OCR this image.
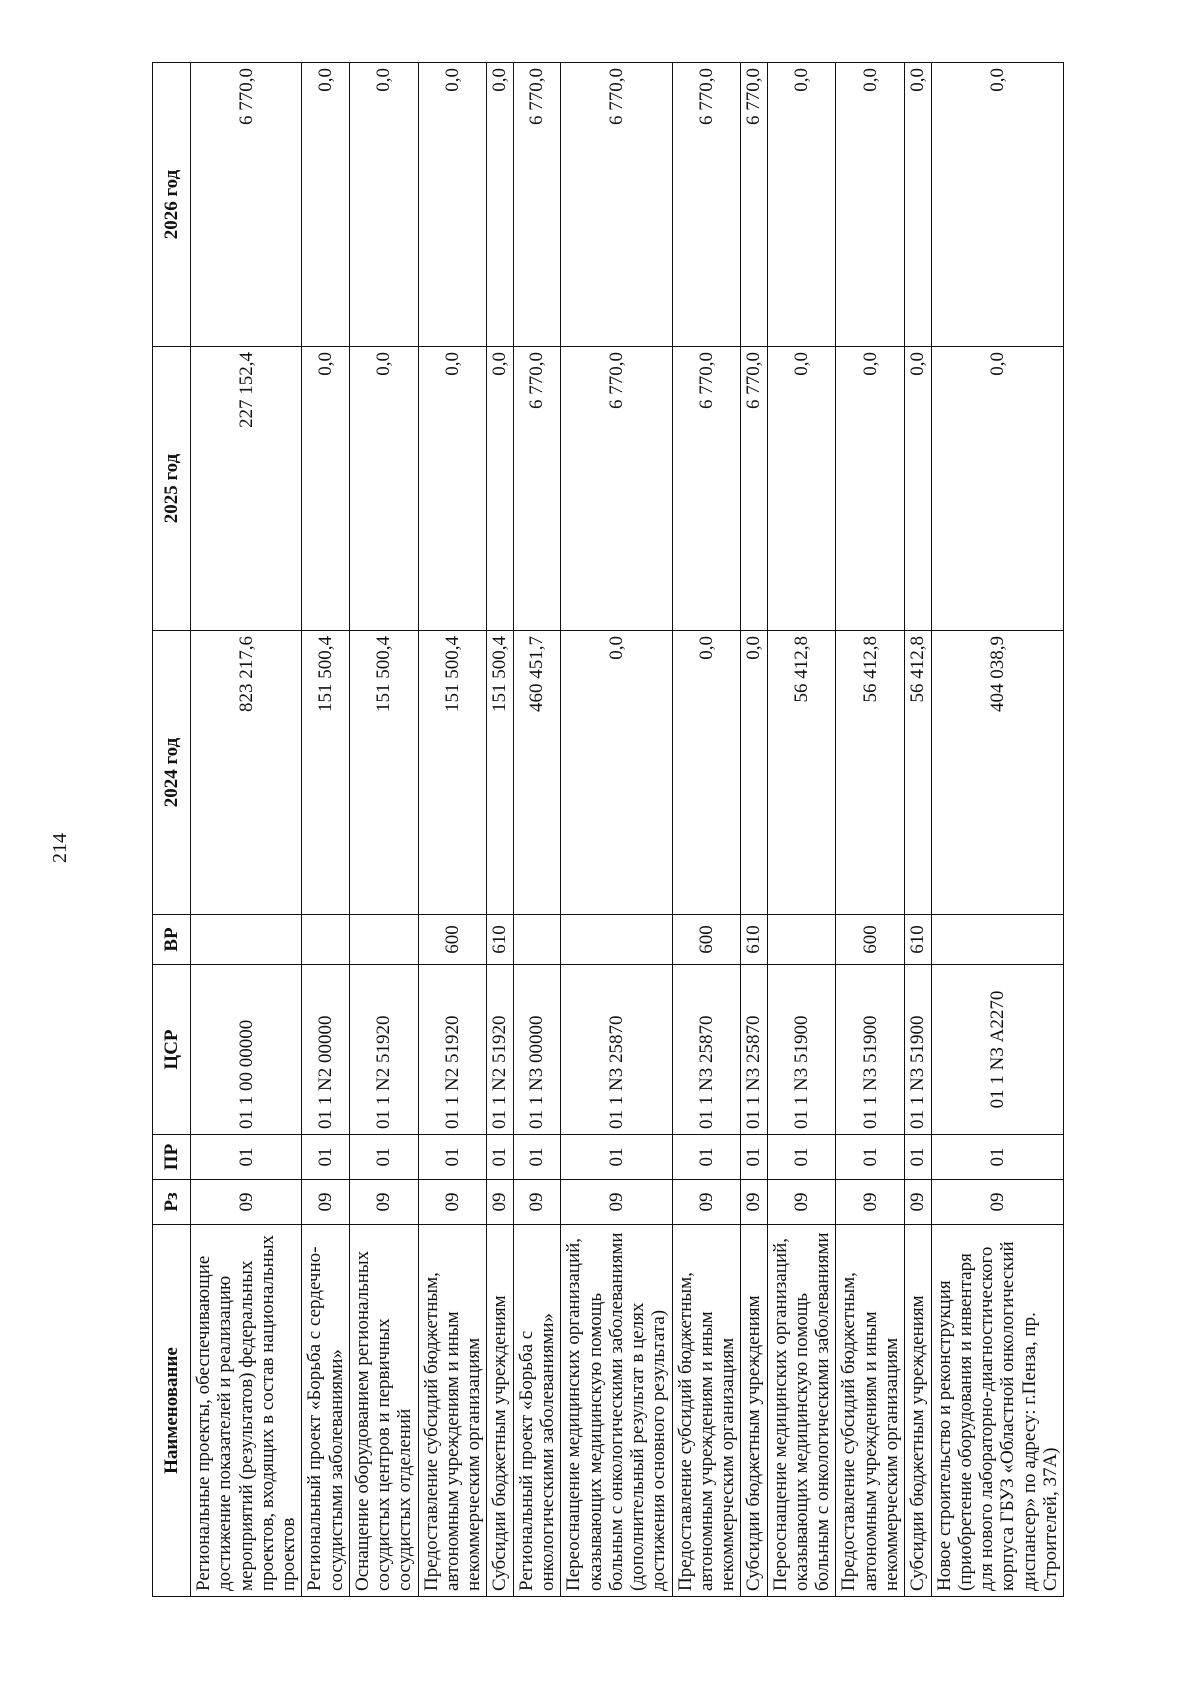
214
Наименование	Рз	ПР	ЦСР	ВР	2024 год	2025 год	2026 год
Региональные проекты, обеспечивающие достижение показателей и реализацию мероприятий (результатов) федеральных проектов, входящих в состав национальных проектов	09	01	01 1 00 00000		823 217,6	227 152,4	6 770,0
Региональный проект «Борьба с сердечно-сосудистыми заболеваниями»	09	01	01 1 N2 00000		151 500,4	0,0	0,0
Оснащение оборудованием региональных сосудистых центров и первичных сосудистых отделений	09	01	01 1 N2 51920		151 500,4	0,0	0,0
Предоставление субсидий бюджетным, автономным учреждениям и иным некоммерческим организациям	09	01	01 1 N2 51920	600	151 500,4	0,0	0,0
Субсидии бюджетным учреждениям	09	01	01 1 N2 51920	610	151 500,4	0,0	0,0
Региональный проект «Борьба с онкологическими заболеваниями»	09	01	01 1 N3 00000		460 451,7	6 770,0	6 770,0
Переоснащение медицинских организаций, оказывающих медицинскую помощь больным с онкологическими заболеваниями (дополнительный результат в целях достижения основного результата)	09	01	01 1 N3 25870		0,0	6 770,0	6 770,0
Предоставление субсидий бюджетным, автономным учреждениям и иным некоммерческим организациям	09	01	01 1 N3 25870	600	0,0	6 770,0	6 770,0
Субсидии бюджетным учреждениям	09	01	01 1 N3 25870	610	0,0	6 770,0	6 770,0
Переоснащение медицинских организаций, оказывающих медицинскую помощь больным с онкологическими заболеваниями	09	01	01 1 N3 51900		56 412,8	0,0	0,0
Предоставление субсидий бюджетным, автономным учреждениям и иным некоммерческим организациям	09	01	01 1 N3 51900	600	56 412,8	0,0	0,0
Субсидии бюджетным учреждениям	09	01	01 1 N3 51900	610	56 412,8	0,0	0,0
Новое строительство и реконструкция (приобретение оборудования и инвентаря для нового лабораторно-диагностического корпуса ГБУЗ «Областной онкологический диспансер» по адресу: г.Пенза, пр. Строителей, 37А)	09	01	01 1 N3 А2270		404 038,9	0,0	0,0
